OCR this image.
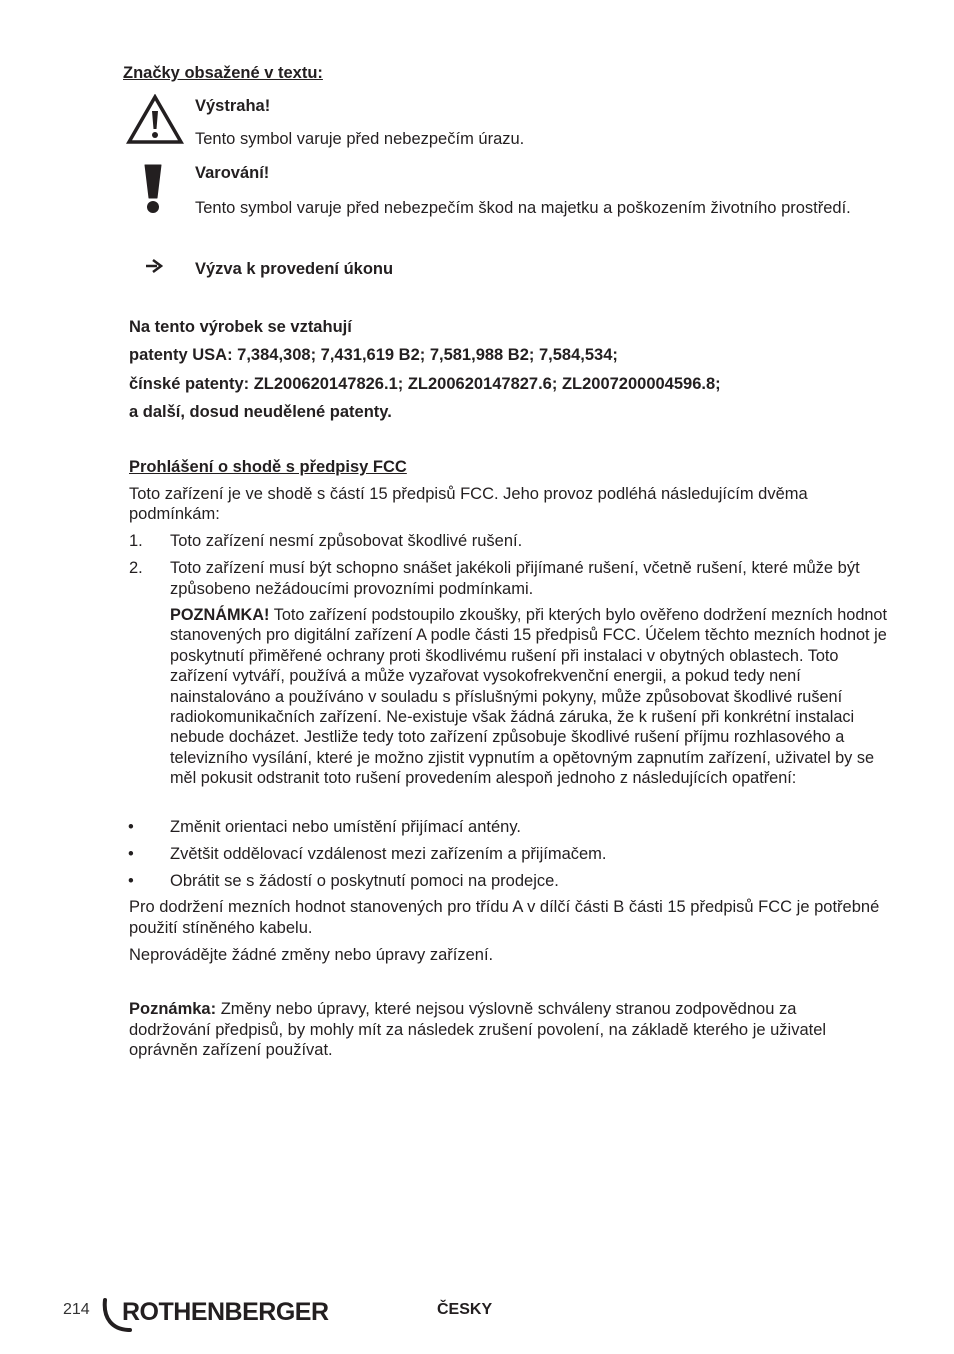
Značky obsažené v textu:
Výstraha!
Tento symbol varuje před nebezpečím úrazu.
Varování!
Tento symbol varuje před nebezpečím škod na majetku a poškozením životního prostředí.
Výzva k provedení úkonu
Na tento výrobek se vztahují
patenty USA: 7,384,308; 7,431,619 B2; 7,581,988 B2; 7,584,534;
čínské patenty: ZL200620147826.1; ZL200620147827.6; ZL2007200004596.8;
a další, dosud neudělené patenty.
Prohlášení o shodě s předpisy FCC
Toto zařízení je ve shodě s částí 15 předpisů FCC. Jeho provoz podléhá následujícím dvěma podmínkám:
1. Toto zařízení nesmí způsobovat škodlivé rušení.
2. Toto zařízení musí být schopno snášet jakékoli přijímané rušení, včetně rušení, které může být způsobeno nežádoucími provozními podmínkami.
POZNÁMKA! Toto zařízení podstoupilo zkoušky, při kterých bylo ověřeno dodržení mezních hodnot stanovených pro digitální zařízení A podle části 15 předpisů FCC. Účelem těchto mezních hodnot je poskytnutí přiměřené ochrany proti škodlivému rušení při instalaci v obytných oblastech. Toto zařízení vytváří, používá a může vyzařovat vysokofrekvenční energii, a pokud tedy není nainstalováno a používáno v souladu s příslušnými pokyny, může způsobovat škodlivé rušení radiokomunikačních zařízení. Ne-existuje však žádná záruka, že k rušení při konkrétní instalaci nebude docházet. Jestliže tedy toto zařízení způsobuje škodlivé rušení příjmu rozhlasového a televizního vysílání, které je možno zjistit vypnutím a opětovným zapnutím zařízení, uživatel by se měl pokusit odstranit toto rušení provedením alespoň jednoho z následujících opatření:
• Změnit orientaci nebo umístění přijímací antény.
• Zvětšit oddělovací vzdálenost mezi zařízením a přijímačem.
• Obrátit se s žádostí o poskytnutí pomoci na prodejce.
Pro dodržení mezních hodnot stanovených pro třídu A v dílčí části B části 15 předpisů FCC je potřebné použití stíněného kabelu.
Neprovádějte žádné změny nebo úpravy zařízení.
Poznámka: Změny nebo úpravy, které nejsou výslovně schváleny stranou zodpovědnou za dodržování předpisů, by mohly mít za následek zrušení povolení, na základě kterého je uživatel oprávněn zařízení používat.
214 ROTHENBERGER	ČESKY
